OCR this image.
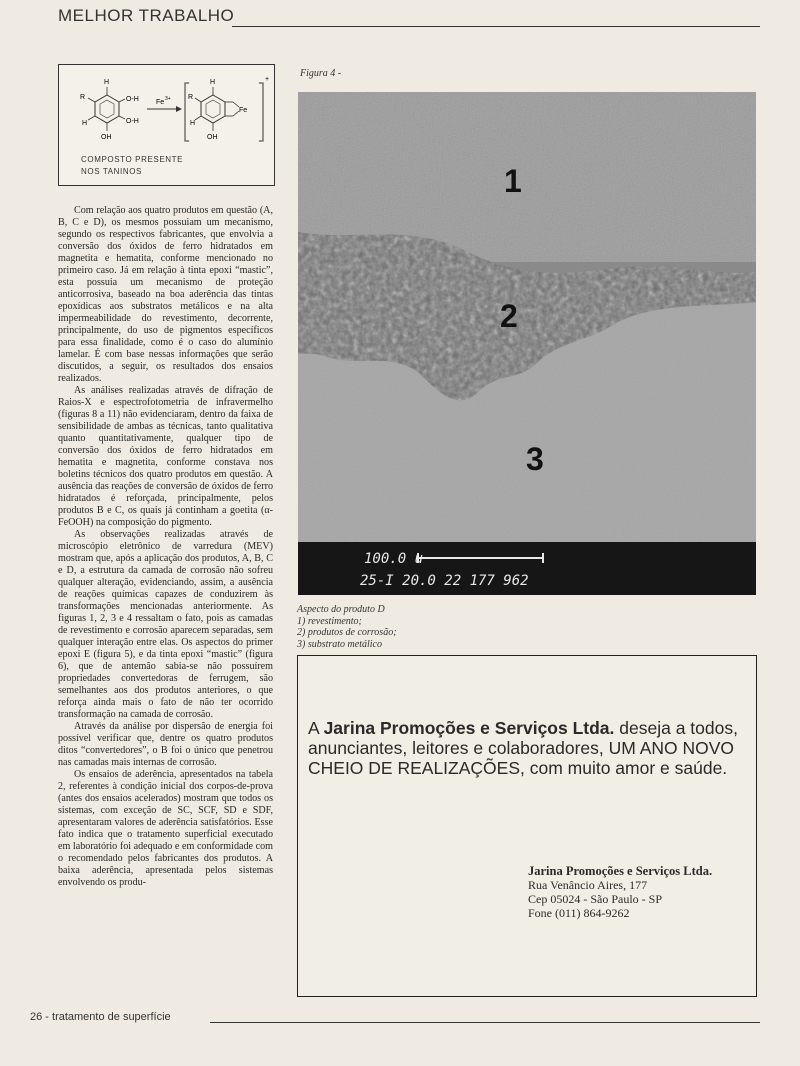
MELHOR TRABALHO
H
R
H
O-H
O-H
OH
Fe 3+
+
H
R
H
Fe
OH
COMPOSTO PRESENTE
NOS TANINOS

Com relação aos quatro produtos em questão (A, B, C e D), os mesmos possuiam um mecanismo, segundo os respectivos fabricantes, que envolvia a conversão dos óxidos de ferro hidratados em magnetita e hematita, conforme mencionado no primeiro caso. Já em relação à tinta epoxi “mastic”, esta possuia um mecanismo de proteção anticorrosiva, baseado na boa aderência das tintas epoxídicas aos substratos metálicos e na alta impermeabilidade do revestimento, decorrente, principalmente, do uso de pigmentos específicos para essa finalidade, como é o caso do alumínio lamelar. É com base nessas informações que serão discutidos, a seguir, os resultados dos ensaios realizados.

As análises realizadas através de difração de Raios-X e espectrofotometria de infravermelho (figuras 8 a 11) não evidenciaram, dentro da faixa de sensibilidade de ambas as técnicas, tanto qualitativa quanto quantitativamente, qualquer tipo de conversão dos óxidos de ferro hidratados em hematita e magnetita, conforme constava nos boletins técnicos dos quatro produtos em questão. A ausência das reações de conversão de óxidos de ferro hidratados é reforçada, principalmente, pelos produtos B e C, os quais já continham a goetita (α-FeOOH) na composição do pigmento.

As observações realizadas através de microscópio eletrônico de varredura (MEV) mostram que, após a aplicação dos produtos, A, B, C e D, a estrutura da camada de corrosão não sofreu qualquer alteração, evidenciando, assim, a ausência de reações químicas capazes de conduzirem às transformações mencionadas anteriormente. As figuras 1, 2, 3 e 4 ressaltam o fato, pois as camadas de revestimento e corrosão aparecem separadas, sem qualquer interação entre elas. Os aspectos do primer epoxi E (figura 5), e da tinta epoxi “mastic” (figura 6), que de antemão sabia-se não possuírem propriedades convertedoras de ferrugem, são semelhantes aos dos produtos anteriores, o que reforça ainda mais o fato de não ter ocorrido transformação na camada de corrosão.

Através da análise por dispersão de energia foi possível verificar que, dentre os quatro produtos ditos “convertedores”, o B foi o único que penetrou nas camadas mais internas de corrosão.

Os ensaios de aderência, apresentados na tabela 2, referentes à condição inicial dos corpos-de-prova (antes dos ensaios acelerados) mostram que todos os sistemas, com exceção de SC, SCF, SD e SDF, apresentaram valores de aderência satisfatórios. Esse fato indica que o tratamento superficial executado em laboratório foi adequado e em conformidade com o recomendado pelos fabricantes dos produtos. A baixa aderência, apresentada pelos sistemas envolvendo os produ-

Figura 4 -
1
2
3
100.0 u
25-I 20.0 22 177 962
Aspecto do produto D
1) revestimento;
2) produtos de corrosão;
3) substrato metálico
A Jarina Promoções e Serviços Ltda. deseja a todos, anunciantes, leitores e colaboradores, UM ANO NOVO CHEIO DE REALIZAÇÕES, com muito amor e saúde.
Jarina Promoções e Serviços Ltda.
Rua Venâncio Aires, 177
Cep 05024 - São Paulo - SP
Fone (011) 864-9262
26 - tratamento de superfície
